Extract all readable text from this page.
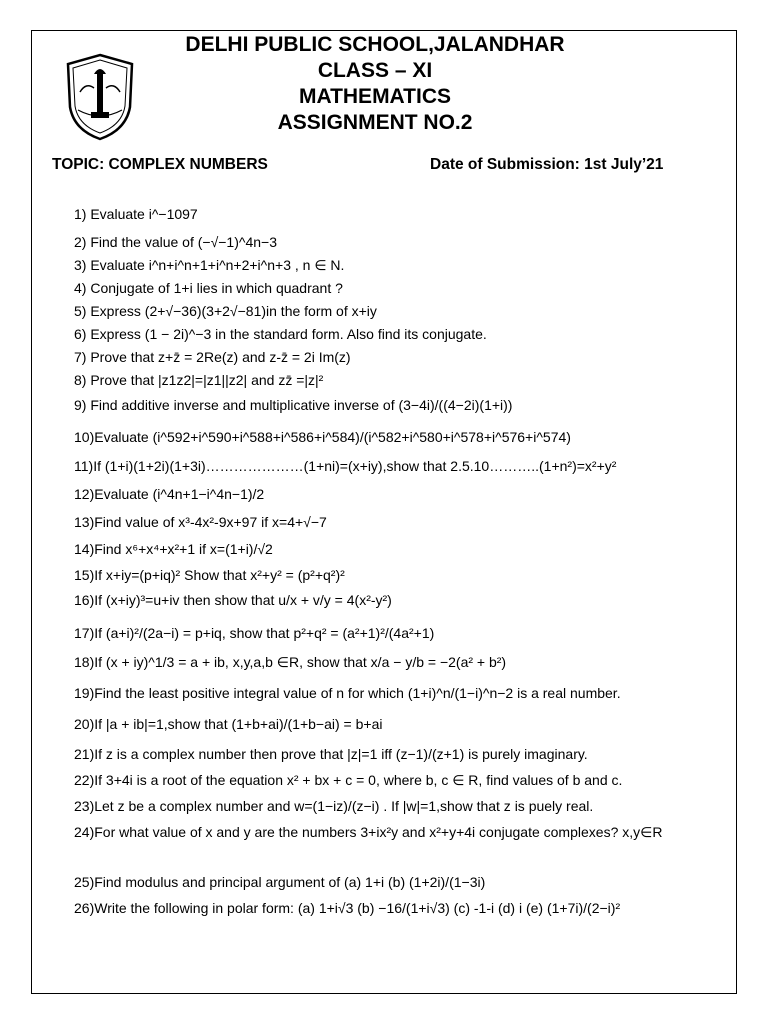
DELHI PUBLIC SCHOOL,JALANDHAR
CLASS – XI
MATHEMATICS
ASSIGNMENT NO.2
TOPIC: COMPLEX NUMBERS	Date of Submission: 1st July’21
1) Evaluate i^−1097
2) Find the value of (−√−1)^4n−3
3) Evaluate i^n+i^n+1+i^n+2+i^n+3 , n ∈ N.
4) Conjugate of 1+i lies in which quadrant ?
5) Express (2+√−36)(3+2√−81)in the form of x+iy
6) Express (1 − 2i)^−3 in the standard form. Also find its conjugate.
7) Prove that z+z̄ = 2Re(z) and z-z̄ = 2i Im(z)
8) Prove that |z1z2|=|z1||z2| and zz̄ =|z|²
9) Find additive inverse and multiplicative inverse of (3−4i)/((4−2i)(1+i))
10)Evaluate (i^592+i^590+i^588+i^586+i^584)/(i^582+i^580+i^578+i^576+i^574)
11)If (1+i)(1+2i)(1+3i)…………………(1+ni)=(x+iy),show that 2.5.10………..(1+n²)=x²+y²
12)Evaluate (i^4n+1−i^4n−1)/2
13)Find value of x³-4x²-9x+97 if x=4+√−7
14)Find x⁶+x⁴+x²+1 if x=(1+i)/√2
15)If x+iy=(p+iq)² Show that x²+y² = (p²+q²)²
16)If (x+iy)³=u+iv then show that u/x + v/y = 4(x²-y²)
17)If (a+i)²/(2a−i) = p+iq, show that p²+q² = (a²+1)²/(4a²+1)
18)If (x + iy)^1/3 = a + ib, x,y,a,b ∈R, show that x/a − y/b = −2(a² + b²)
19)Find the least positive integral value of n for which (1+i)^n/(1−i)^n−2 is a real number.
20)If |a + ib|=1,show that (1+b+ai)/(1+b−ai) = b+ai
21)If z is a complex number then prove that |z|=1 iff (z−1)/(z+1) is purely imaginary.
22)If 3+4i is a root of the equation x² + bx + c = 0, where b, c ∈ R, find values of b and c.
23)Let z be a complex number and w=(1−iz)/(z−i) . If |w|=1,show that z is puely real.
24)For what value of x and y are the numbers 3+ix²y and x²+y+4i conjugate complexes? x,y∈R
25)Find modulus and principal argument of (a) 1+i (b) (1+2i)/(1−3i)
26)Write the following in polar form: (a) 1+i√3 (b) −16/(1+i√3) (c) -1-i (d) i (e) (1+7i)/(2−i)²
